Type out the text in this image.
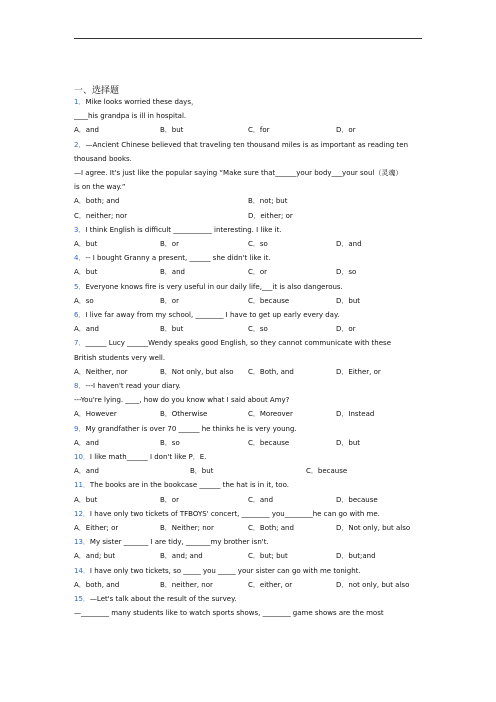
一、选择题
1．Mike looks worried these days，
____his grandpa is ill in hospital.
A．and	B．but	C．for	D．or
2．—Ancient Chinese believed that traveling ten thousand miles is as important as reading ten
thousand books.
—I agree. It's just like the popular saying “Make sure that______your body___your soul（灵魂）
is on the way.”
A．both; and	B．not; but
C．neither; nor	D．either; or
3．I think English is difficult ___________ interesting. I like it.
A．but	B．or	C．so	D．and
4．-- I bought Granny a present, ______ she didn't like it.
A．but	B．and	C．or	D．so
5．Everyone knows fire is very useful in our daily life,___it is also dangerous.
A．so	B．or	C．because	D．but
6．I live far away from my school, ________ I have to get up early every day.
A．and	B．but	C．so	D．or
7．______ Lucy ______Wendy speaks good English, so they cannot communicate with these
British students very well.
A．Neither, nor	B．Not only, but also C．Both, and	D．Either, or
8．---I haven't read your diary.
---You're lying. ____, how do you know what I said about Amy?
A．However	B．Otherwise	C．Moreover	D．Instead
9．My grandfather is over 70 ______ he thinks he is very young.
A．and	B．so	C．because	D．but
10．I like math______ I don't like P．E.
A．and	B．but	C．because
11．The books are in the bookcase ______ the hat is in it, too.
A．but	B．or	C．and	D．because
12．I have only two tickets of TFBOYS' concert, ________ you________he can go with me.
A．Either; or	B．Neither; nor	C．Both; and	D．Not only, but also
13．My sister _______ I are tidy, _______my brother isn't.
A．and; but	B．and; and	C．but; but	D．but;and
14．I have only two tickets, so _____ you _____ your sister can go with me tonight.
A．both, and	B．neither, nor	C．either, or	D．not only, but also
15．—Let's talk about the result of the survey.
—________ many students like to watch sports shows, ________ game shows are the most
